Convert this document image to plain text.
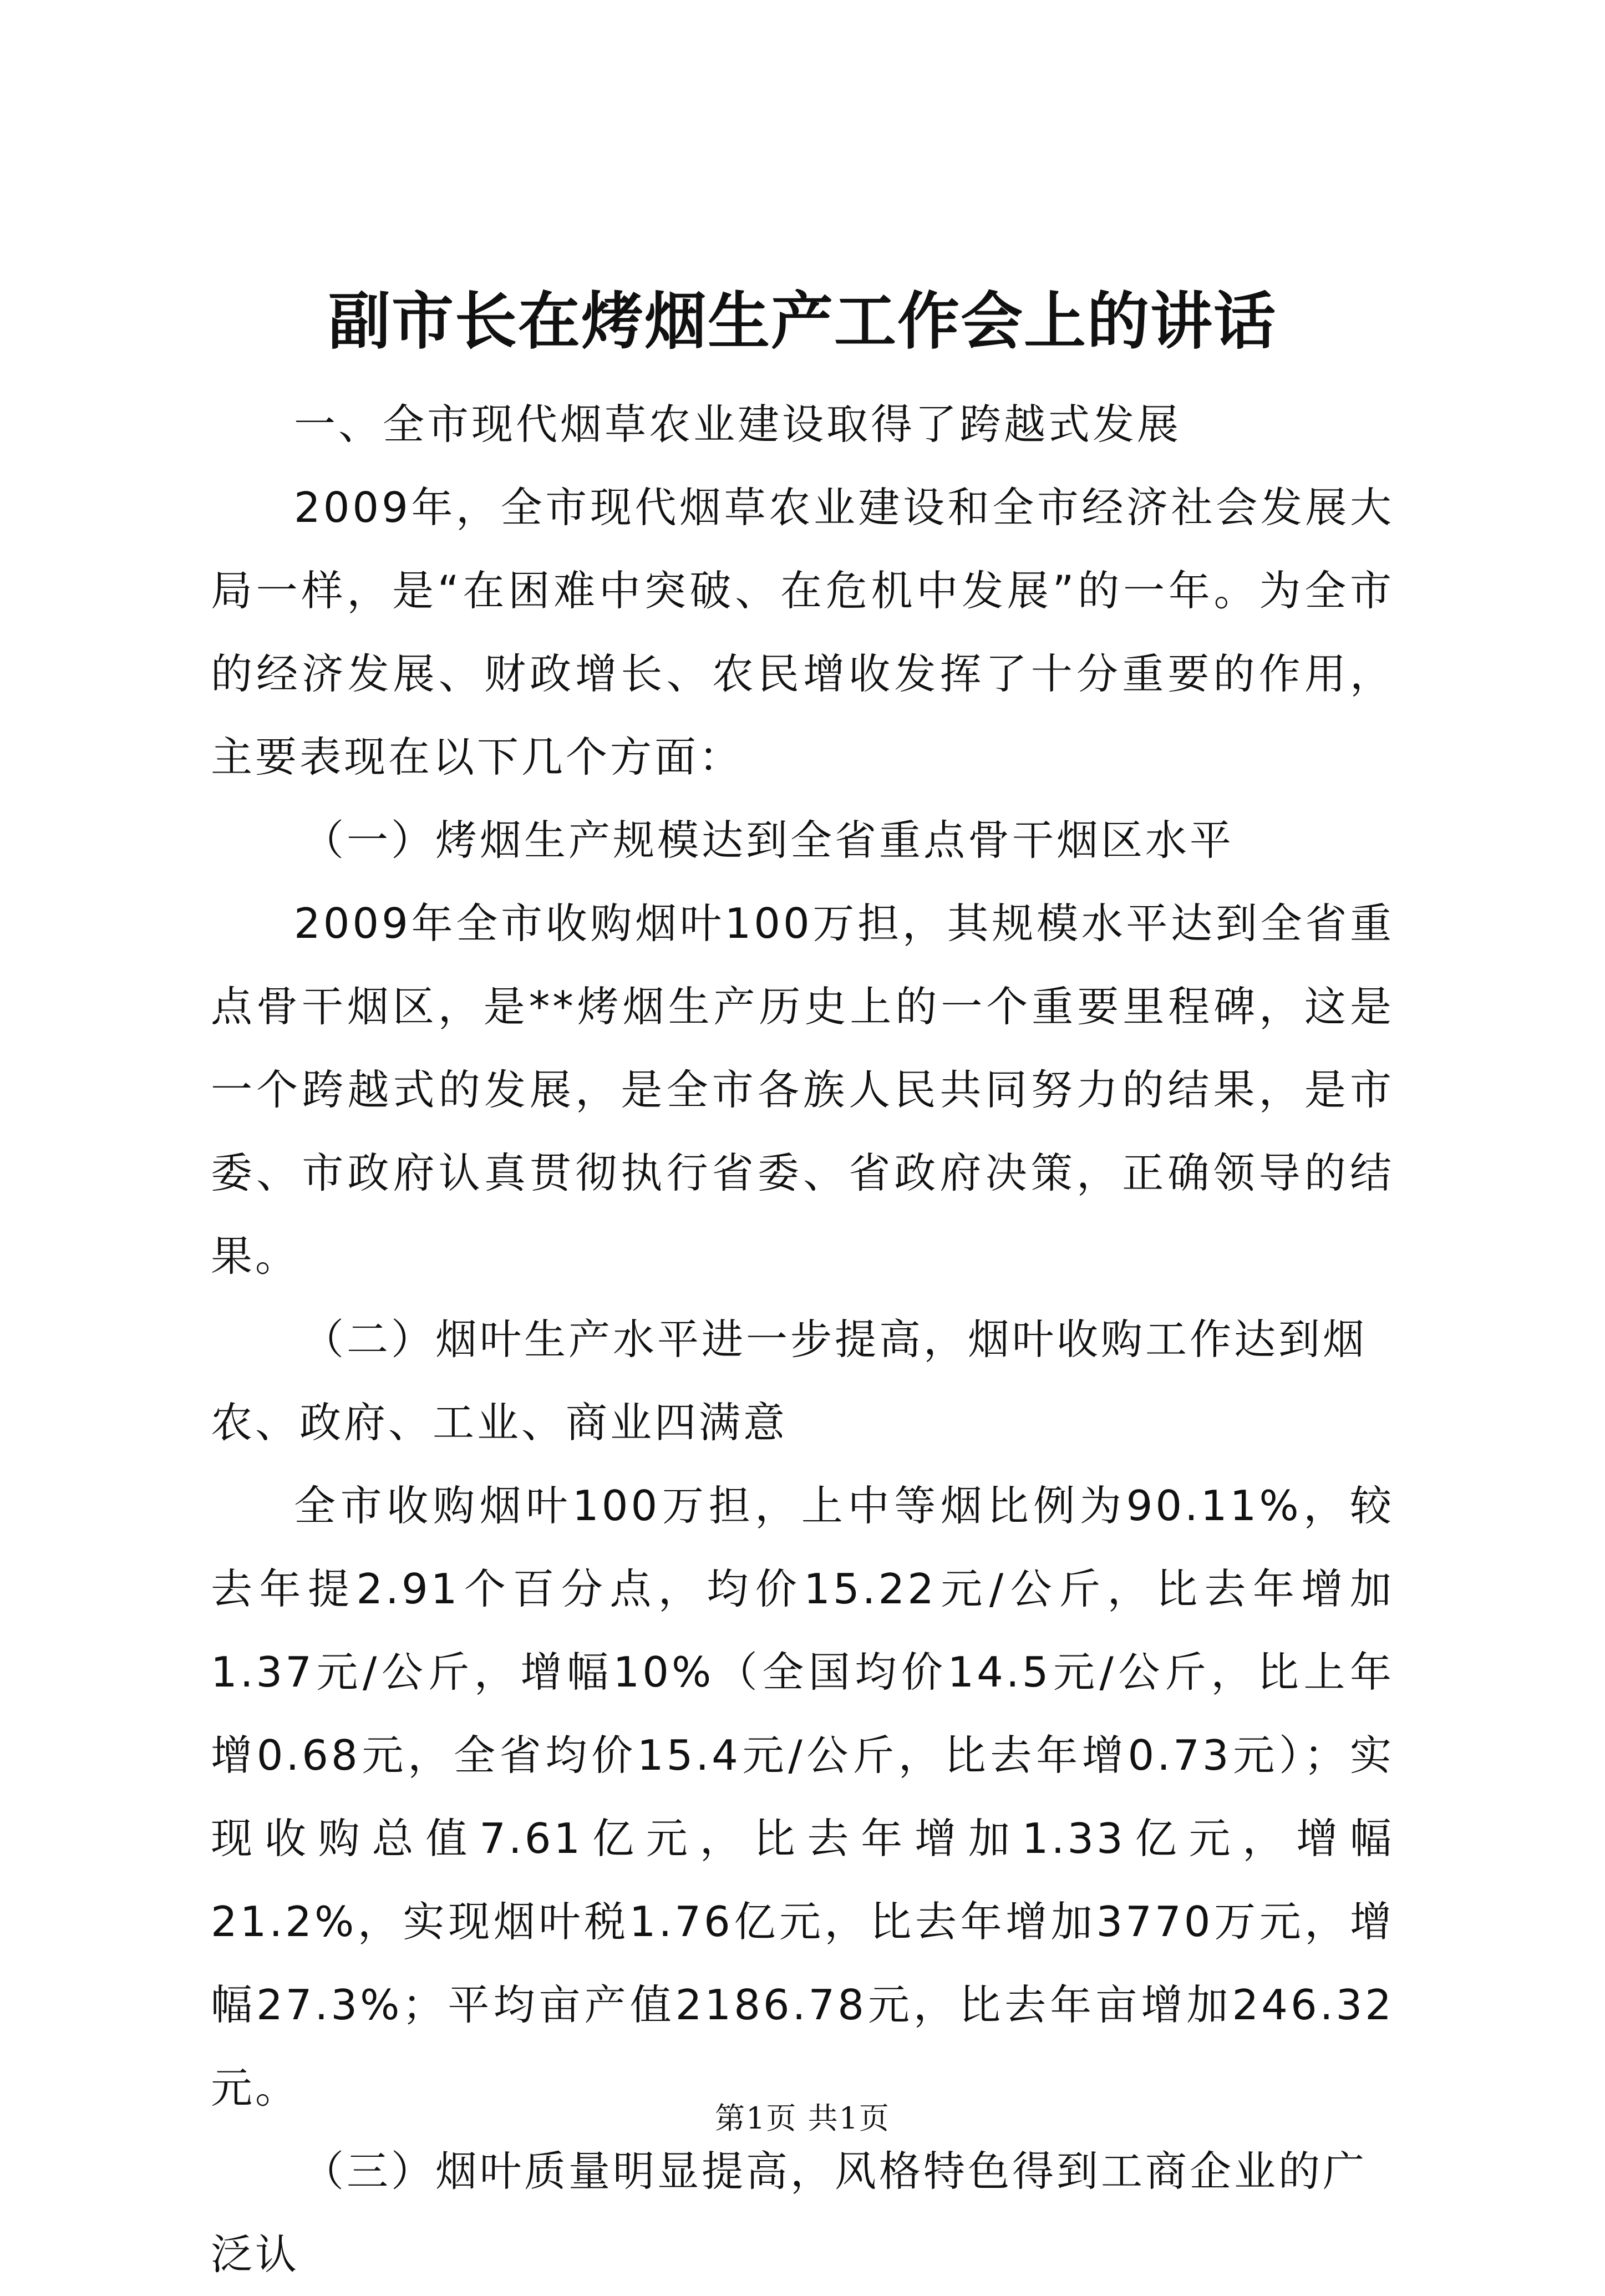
副市长在烤烟生产工作会上的讲话

一、全市现代烟草农业建设取得了跨越式发展

2009年，全市现代烟草农业建设和全市经济社会发展大局一样，是“在困难中突破、在危机中发展”的一年。为全市的经济发展、财政增长、农民增收发挥了十分重要的作用，主要表现在以下几个方面：

（一）烤烟生产规模达到全省重点骨干烟区水平

2009年全市收购烟叶100万担，其规模水平达到全省重点骨干烟区，是**烤烟生产历史上的一个重要里程碑，这是一个跨越式的发展，是全市各族人民共同努力的结果，是市委、市政府认真贯彻执行省委、省政府决策，正确领导的结果。

（二）烟叶生产水平进一步提高，烟叶收购工作达到烟农、政府、工业、商业四满意

全市收购烟叶100万担，上中等烟比例为90.11%，较去年提2.91个百分点，均价15.22元/公斤，比去年增加1.37元/公斤，增幅10%（全国均价14.5元/公斤，比上年增0.68元，全省均价15.4元/公斤，比去年增0.73元）；实现收购总值7.61亿元，比去年增加1.33亿元，增幅21.2%，实现烟叶税1.76亿元，比去年增加3770万元，增幅27.3%；平均亩产值2186.78元，比去年亩增加246.32元。

（三）烟叶质量明显提高，风格特色得到工商企业的广泛认

第1页 共1页
